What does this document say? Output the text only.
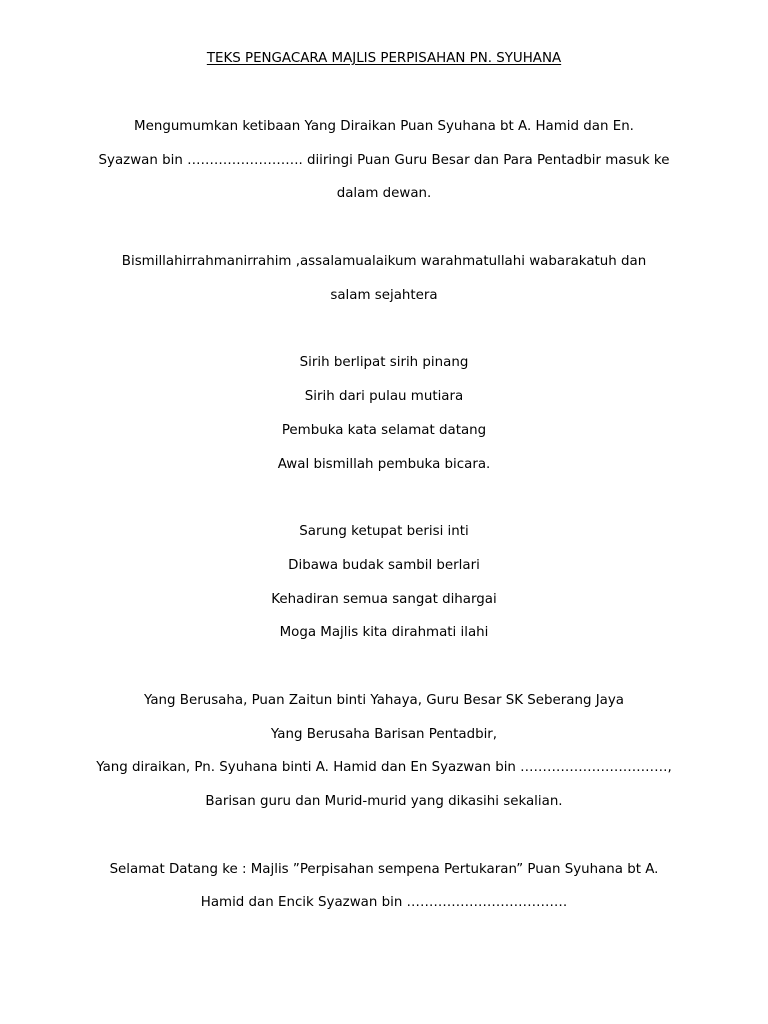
TEKS PENGACARA MAJLIS PERPISAHAN PN. SYUHANA
Mengumumkan ketibaan Yang Diraikan Puan Syuhana bt A. Hamid dan En.
Syazwan bin …………………….. diiringi Puan Guru Besar dan Para Pentadbir masuk ke
dalam dewan.
Bismillahirrahmanirrahim ,assalamualaikum warahmatullahi wabarakatuh dan
salam sejahtera
Sirih berlipat sirih pinang
Sirih dari pulau mutiara
Pembuka kata selamat datang
Awal bismillah pembuka bicara.
Sarung ketupat berisi inti
Dibawa budak sambil berlari
Kehadiran semua sangat dihargai
Moga Majlis kita dirahmati ilahi
Yang Berusaha, Puan Zaitun binti Yahaya, Guru Besar SK Seberang Jaya
Yang Berusaha Barisan Pentadbir,
Yang diraikan, Pn. Syuhana binti A. Hamid dan En Syazwan bin ……………………………,
Barisan guru dan Murid-murid yang dikasihi sekalian.
Selamat Datang ke : Majlis ”Perpisahan sempena Pertukaran” Puan Syuhana bt A.
Hamid dan Encik Syazwan bin ………………………………
